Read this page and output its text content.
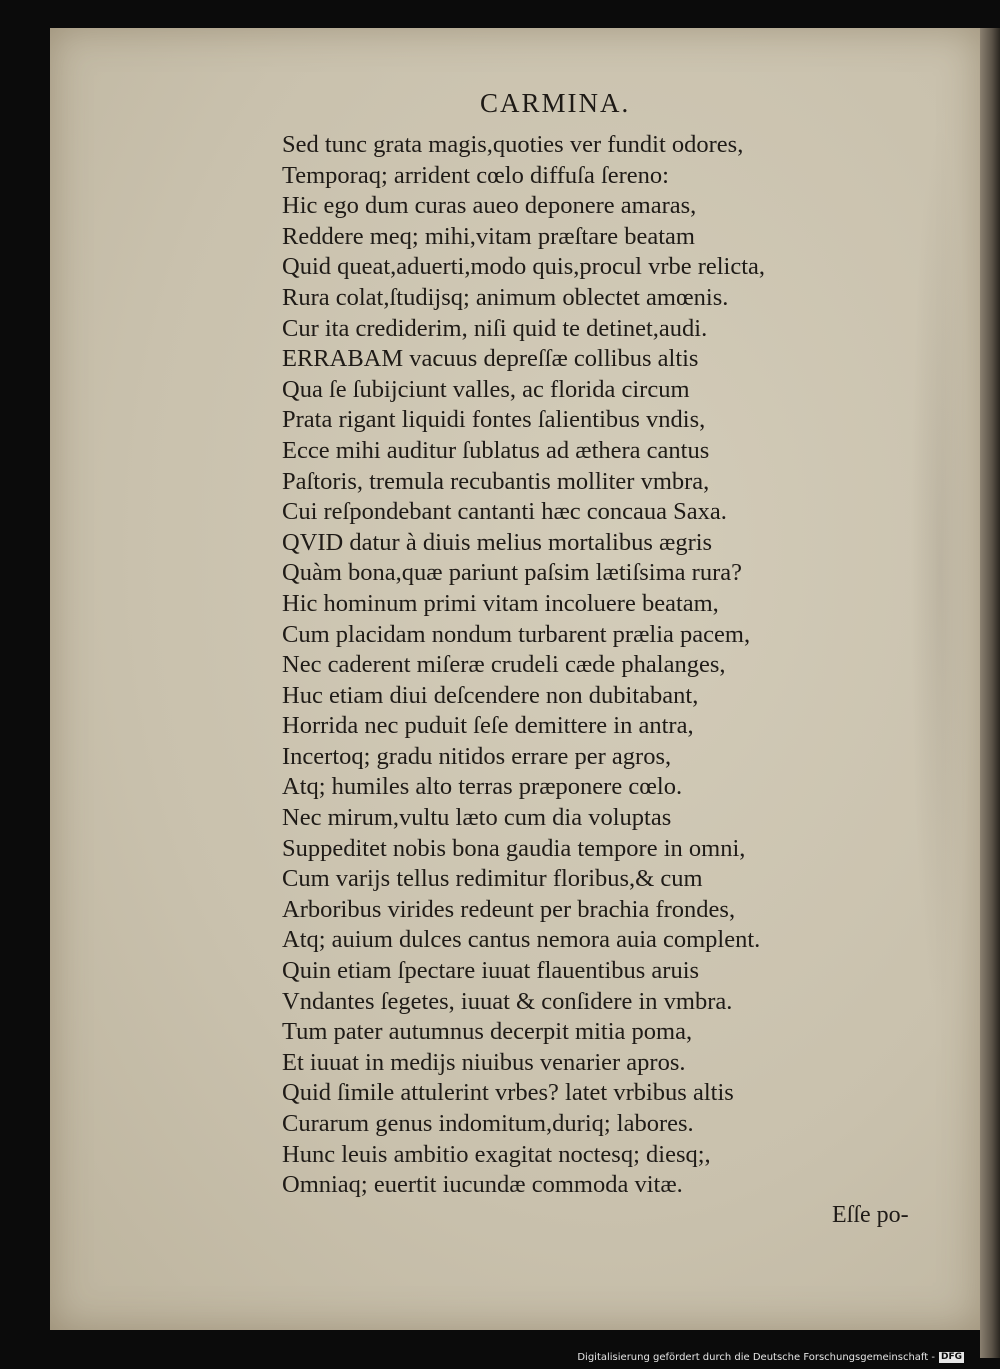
CARMINA.
Sed tunc grata magis,quoties ver fundit odores,
Temporaq; arrident cœlo diffuſa ſereno:
Hic ego dum curas aueo deponere amaras,
Reddere meq; mihi,vitam præſtare beatam
Quid queat,aduerti,modo quis,procul vrbe relicta,
Rura colat,ſtudijsq; animum oblectet amœnis.
Cur ita crediderim, niſi quid te detinet,audi.
ERRABAM vacuus depreſſæ collibus altis
Qua ſe ſubijciunt valles, ac florida circum
Prata rigant liquidi fontes ſalientibus vndis,
Ecce mihi auditur ſublatus ad æthera cantus
Paſtoris, tremula recubantis molliter vmbra,
Cui reſpondebant cantanti hæc concaua Saxa.
QVID datur à diuis melius mortalibus ægris
Quàm bona,quæ pariunt paſsim lætiſsima rura?
Hic hominum primi vitam incoluere beatam,
Cum placidam nondum turbarent prælia pacem,
Nec caderent miſeræ crudeli cæde phalanges,
Huc etiam diui deſcendere non dubitabant,
Horrida nec puduit ſeſe demittere in antra,
Incertoq; gradu nitidos errare per agros,
Atq; humiles alto terras præponere cœlo.
Nec mirum,vultu læto cum dia voluptas
Suppeditet nobis bona gaudia tempore in omni,
Cum varijs tellus redimitur floribus,& cum
Arboribus virides redeunt per brachia frondes,
Atq; auium dulces cantus nemora auia complent.
Quin etiam ſpectare iuuat flauentibus aruis
Vndantes ſegetes, iuuat & conſidere in vmbra.
Tum pater autumnus decerpit mitia poma,
Et iuuat in medijs niuibus venarier apros.
Quid ſimile attulerint vrbes? latet vrbibus altis
Curarum genus indomitum,duriq; labores.
Hunc leuis ambitio exagitat noctesq; diesq;,
Omniaq; euertit iucundæ commoda vitæ.
Eſſe po-
Digitalisierung gefördert durch die Deutsche Forschungsgemeinschaft - DFG
